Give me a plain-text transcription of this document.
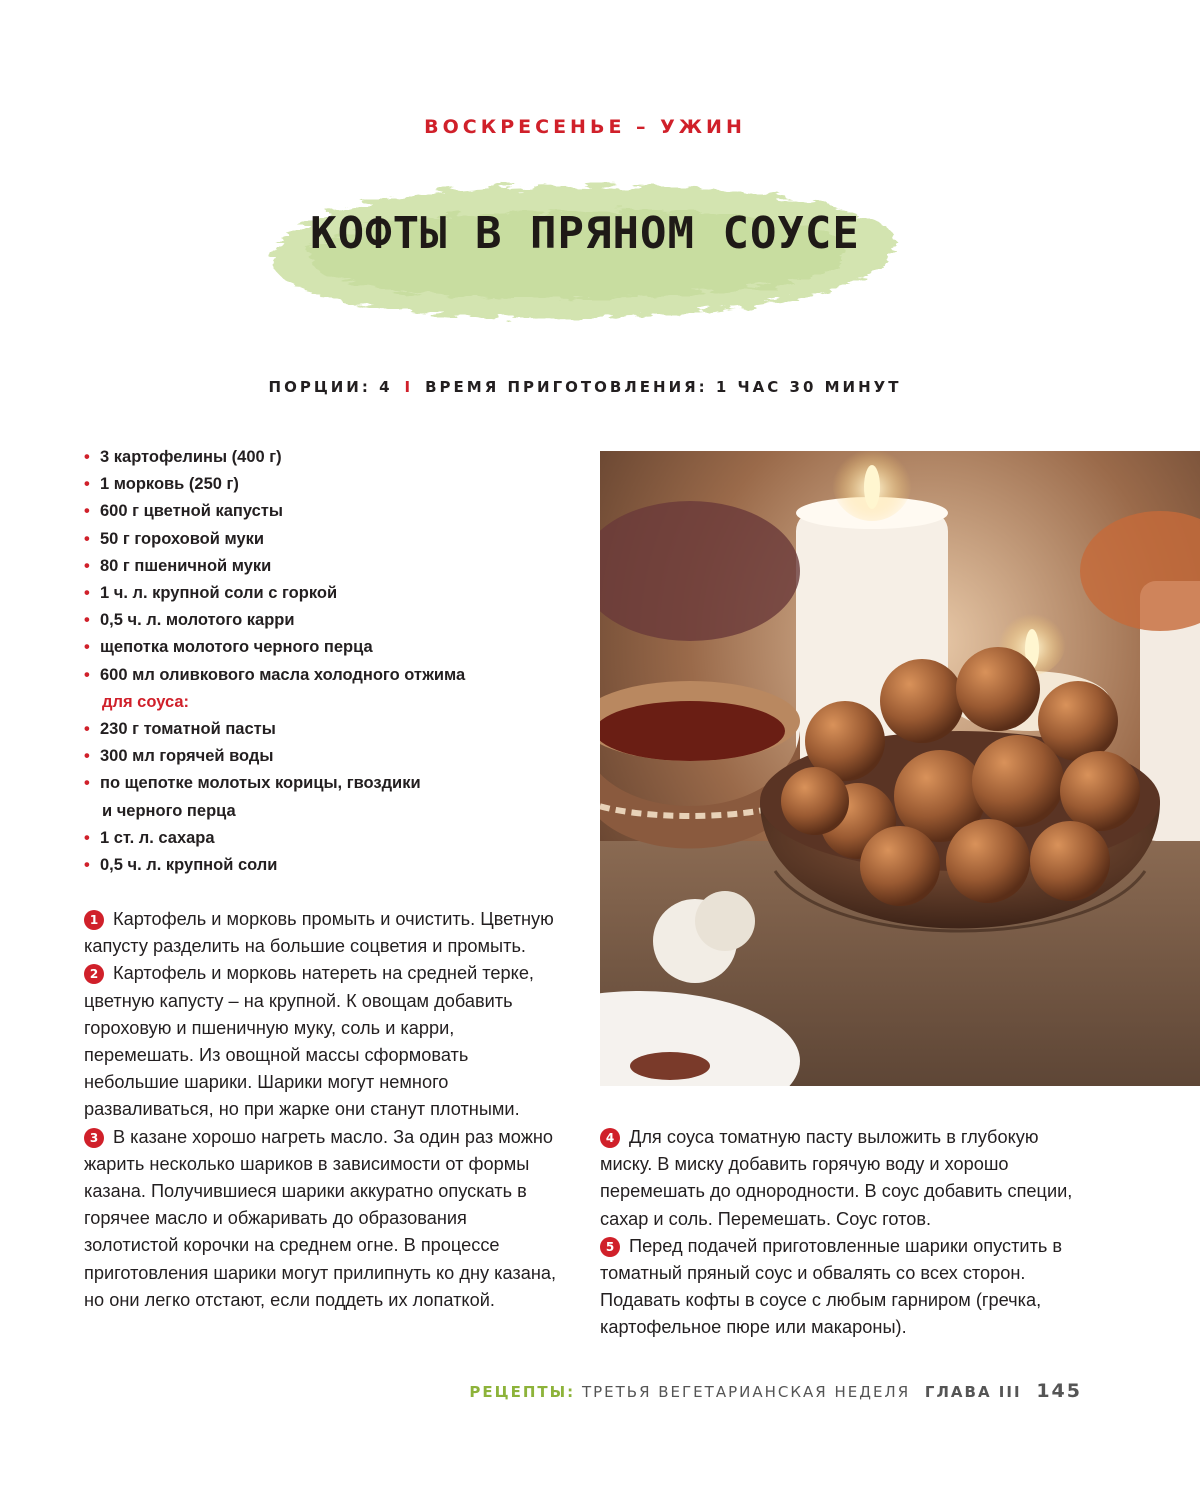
ВОСКРЕСЕНЬЕ – УЖИН
КОФТЫ В ПРЯНОМ СОУСЕ
ПОРЦИИ: 4 I ВРЕМЯ ПРИГОТОВЛЕНИЯ: 1 ЧАС 30 МИНУТ
• 3 картофелины (400 г)
• 1 морковь (250 г)
• 600 г цветной капусты
• 50 г гороховой муки
• 80 г пшеничной муки
• 1 ч. л. крупной соли с горкой
• 0,5 ч. л. молотого карри
• щепотка молотого черного перца
• 600 мл оливкового масла холодного отжима
для соуса:
• 230 г томатной пасты
• 300 мл горячей воды
• по щепотке молотых корицы, гвоздики
и черного перца
• 1 ст. л. сахара
• 0,5 ч. л. крупной соли

1 Картофель и морковь промыть и очистить. Цветную капусту разделить на большие соцветия и промыть.

2 Картофель и морковь натереть на средней терке, цветную капусту – на крупной. К овощам добавить гороховую и пшеничную муку, соль и карри, перемешать. Из овощной массы сформовать небольшие шарики. Шарики могут немного разваливаться, но при жарке они станут плотными.

3 В казане хорошо нагреть масло. За один раз можно жарить несколько шариков в зависимости от формы казана. Получившиеся шарики аккуратно опускать в горячее масло и обжаривать до образования золотистой корочки на среднем огне. В процессе приготовления шарики могут прилипнуть ко дну казана, но они легко отстают, если поддеть их лопаткой.

4 Для соуса томатную пасту выложить в глубокую миску. В миску добавить горячую воду и хорошо перемешать до однородности. В соус добавить специи, сахар и соль. Перемешать. Соус готов.

5 Перед подачей приготовленные шарики опустить в томатный пряный соус и обвалять со всех сторон. Подавать кофты в соусе с любым гарниром (гречка, картофельное пюре или макароны).

РЕЦЕПТЫ: ТРЕТЬЯ ВЕГЕТАРИАНСКАЯ НЕДЕЛЯ ГЛАВА III 145
